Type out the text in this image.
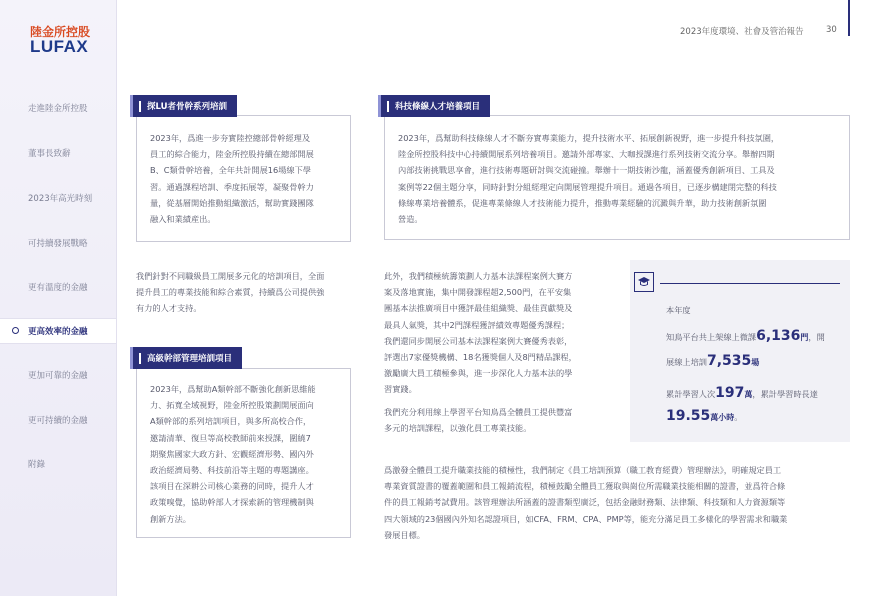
陸金所控股
LUFAX
走進陸金所控股
董事長致辭
2023年高光時刻
可持續發展戰略
更有溫度的金融
更高效率的金融
更加可靠的金融
更可持續的金融
附錄
2023年度環境、社會及管治報告	30
探LU者骨幹系列培訓
2023年，爲進一步夯實陸控總部骨幹經理及
員工的綜合能力，陸金所控股持續在總部開展
B、C類骨幹培養，全年共計開展16場線下學
習。通過課程培訓、季度拓展等，凝聚骨幹力
量，從基層開始推動組織激活，幫助實踐團隊
融入和業績産出。
我們針對不同職級員工開展多元化的培訓項目，全面
提升員工的專業技能和綜合素質，持續爲公司提供強
有力的人才支持。
高級幹部管理培訓項目
2023年，爲幫助A類幹部不斷強化創新思維能
力、拓寬全域視野，陸金所控股策劃開展面向
A類幹部的系列培訓項目，與多所高校合作，
邀請清華、復旦等高校教師前來授課，圍繞7
期聚焦國家大政方針、宏觀經濟形勢、國內外
政治經濟局勢、科技前沿等主題的專題講座。
該項目在深耕公司核心業務的同時，提升人才
政策嗅覺，協助幹部人才探索新的管理機制與
創新方法。
科技條線人才培養項目
2023年，爲幫助科技條線人才不斷夯實專業能力，提升技術水平、拓展創新視野，進一步提升科技氛圍，
陸金所控股科技中心持續開展系列培養項目。邀請外部專家、大咖授課進行系列技術交流分享。舉辦四期
內部技術挑戰思享會，進行技術專題研討與交流碰撞。舉辦十一期技術沙龍，涵蓋優秀創新項目、工具及
案例等22個主題分享，同時針對分組經理定向開展管理提升項目。通過各項目，已逐步構建閉完整的科技
條線專業培養體系，促進專業條線人才技術能力提升，推動專業經驗的沉澱與升華，助力技術創新氛圍
營造。
此外，我們積極統籌策劃人力基本法課程案例大賽方
案及落地實施，集中開發課程超2,500門，在平安集
團基本法推廣項目中獲評最佳組織獎、最佳貢獻獎及
最具人氣獎，其中2門課程獲評績效專題優秀課程；
我們還同步開展公司基本法課程案例大賽優秀表彰，
評選出7家優獎機構、18名獲獎個人及8門精品課程，
激勵廣大員工積極參與，進一步深化人力基本法的學
習實踐。
我們充分利用線上學習平台知鳥爲全體員工提供豐富
多元的培訓課程，以強化員工專業技能。
本年度
知鳥平台共上架線上微課6,136門，開
展線上培訓7,535場
累計學習人次197萬，累計學習時長達
19.55萬小時。
爲激發全體員工提升職業技能的積極性，我們制定《員工培訓預算（職工教育經費）管理辦法》，明確規定員工
專業資質證書的覆蓋範圍和員工報銷流程，積極鼓勵全體員工獲取與崗位所需職業技能相關的證書，並爲符合條
件的員工報銷考試費用。該管理辦法所涵蓋的證書類型廣泛，包括金融財務類、法律類、科技類和人力資源類等
四大領域的23個國內外知名認證項目，如CFA、FRM、CPA、PMP等，能充分滿足員工多樣化的學習需求和職業
發展目標。
